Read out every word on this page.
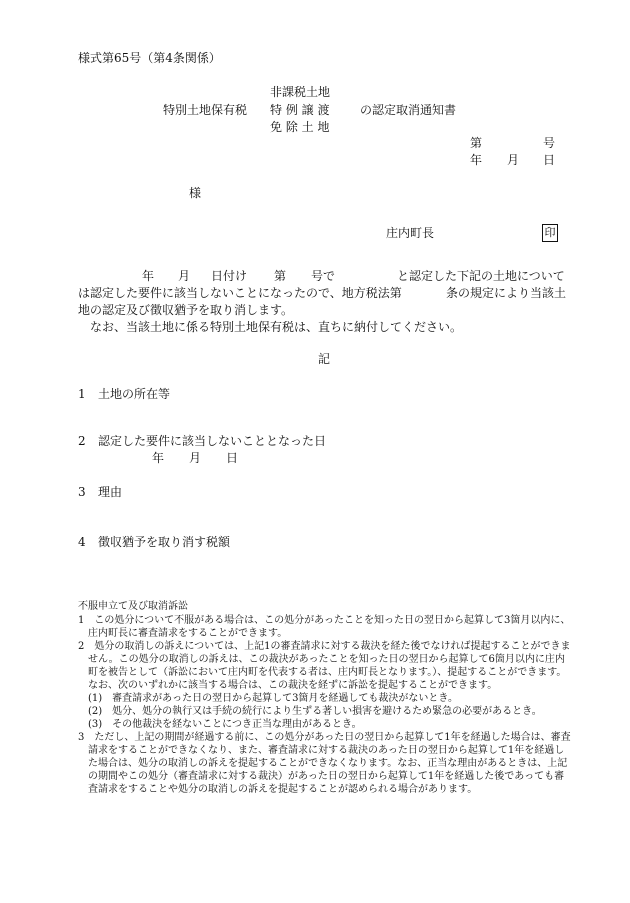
様式第65号（第4条関係）
特別土地保有税
非課税土地
特 例 譲 渡
免 除 土 地
の認定取消通知書
第	号
年 月 日
様
庄内町長	印
年 月 日付け 第 号で	と認定した下記の土地について
は認定した要件に該当しないことになったので、地方税法第	条の規定により当該土
地の認定及び徴収猶予を取り消します。
なお、当該土地に係る特別土地保有税は、直ちに納付してください。
記
1 土地の所在等
2 認定した要件に該当しないこととなった日
年 月 日
3 理由
4 徴収猶予を取り消す税額
不服申立て及び取消訴訟
1　この処分について不服がある場合は、この処分があったことを知った日の翌日から起算して3箇月以内に、
　庄内町長に審査請求をすることができます。
2　処分の取消しの訴えについては、上記1の審査請求に対する裁決を経た後でなければ提起することができま
　せん。この処分の取消しの訴えは、この裁決があったことを知った日の翌日から起算して6箇月以内に庄内
　町を被告として（訴訟において庄内町を代表する者は、庄内町長となります。）、提起することができます。
　なお、次のいずれかに該当する場合は、この裁決を経ずに訴訟を提起することができます。
　(1)　審査請求があった日の翌日から起算して3箇月を経過しても裁決がないとき。
　(2)　処分、処分の執行又は手続の続行により生ずる著しい損害を避けるため緊急の必要があるとき。
　(3)　その他裁決を経ないことにつき正当な理由があるとき。
3　ただし、上記の期間が経過する前に、この処分があった日の翌日から起算して1年を経過した場合は、審査
　請求をすることができなくなり、また、審査請求に対する裁決のあった日の翌日から起算して1年を経過し
　た場合は、処分の取消しの訴えを提起することができなくなります。なお、正当な理由があるときは、上記
　の期間やこの処分（審査請求に対する裁決）があった日の翌日から起算して1年を経過した後であっても審
　査請求をすることや処分の取消しの訴えを提起することが認められる場合があります。
